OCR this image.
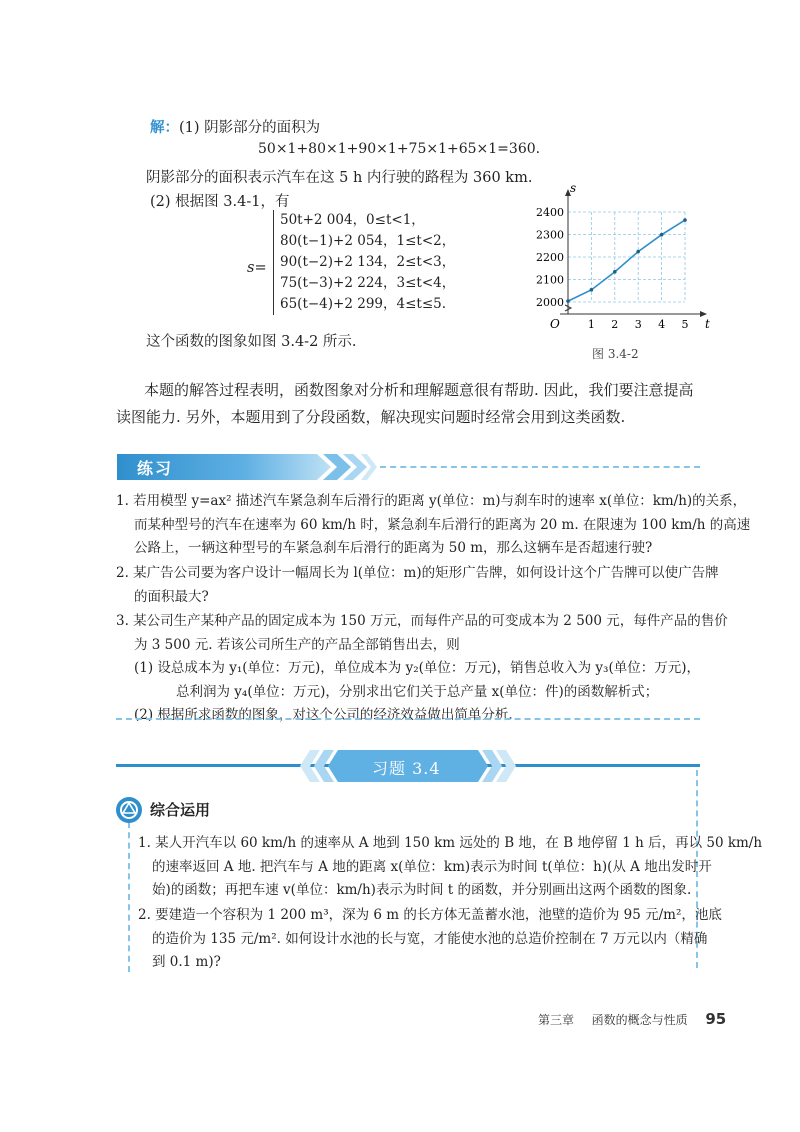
解：(1) 阴影部分的面积为
50×1+80×1+90×1+75×1+65×1=360.
阴影部分的面积表示汽车在这 5 h 内行驶的路程为 360 km.
(2) 根据图 3.4-1，有
s=
50t+2 004，0≤t<1，
80(t−1)+2 054，1≤t<2，
90(t−2)+2 134，2≤t<3，
75(t−3)+2 224，3≤t<4，
65(t−4)+2 299，4≤t≤5.
这个函数的图象如图 3.4-2 所示.
s
t
O
2000
2100
2200
2300
2400
1 2 3 4 5
图 3.4-2
本题的解答过程表明，函数图象对分析和理解题意很有帮助. 因此，我们要注意提高读图能力. 另外，本题用到了分段函数，解决现实问题时经常会用到这类函数.
练习
1. 若用模型 y=ax² 描述汽车紧急刹车后滑行的距离 y(单位：m)与刹车时的速率 x(单位：km/h)的关系，
而某种型号的汽车在速率为 60 km/h 时，紧急刹车后滑行的距离为 20 m. 在限速为 100 km/h 的高速
公路上，一辆这种型号的车紧急刹车后滑行的距离为 50 m，那么这辆车是否超速行驶?
2. 某广告公司要为客户设计一幅周长为 l(单位：m)的矩形广告牌，如何设计这个广告牌可以使广告牌
的面积最大?
3. 某公司生产某种产品的固定成本为 150 万元，而每件产品的可变成本为 2 500 元，每件产品的售价
为 3 500 元. 若该公司所生产的产品全部销售出去，则
(1) 设总成本为 y₁(单位：万元)，单位成本为 y₂(单位：万元)，销售总收入为 y₃(单位：万元)，
总利润为 y₄(单位：万元)，分别求出它们关于总产量 x(单位：件)的函数解析式；
(2) 根据所求函数的图象，对这个公司的经济效益做出简单分析.
习题 3.4
综合运用
1. 某人开汽车以 60 km/h 的速率从 A 地到 150 km 远处的 B 地，在 B 地停留 1 h 后，再以 50 km/h
的速率返回 A 地. 把汽车与 A 地的距离 x(单位：km)表示为时间 t(单位：h)(从 A 地出发时开
始)的函数；再把车速 v(单位：km/h)表示为时间 t 的函数，并分别画出这两个函数的图象.
2. 要建造一个容积为 1 200 m³，深为 6 m 的长方体无盖蓄水池，池壁的造价为 95 元/m²，池底
的造价为 135 元/m². 如何设计水池的长与宽，才能使水池的总造价控制在 7 万元以内（精确
到 0.1 m)?
第三章 函数的概念与性质 95
